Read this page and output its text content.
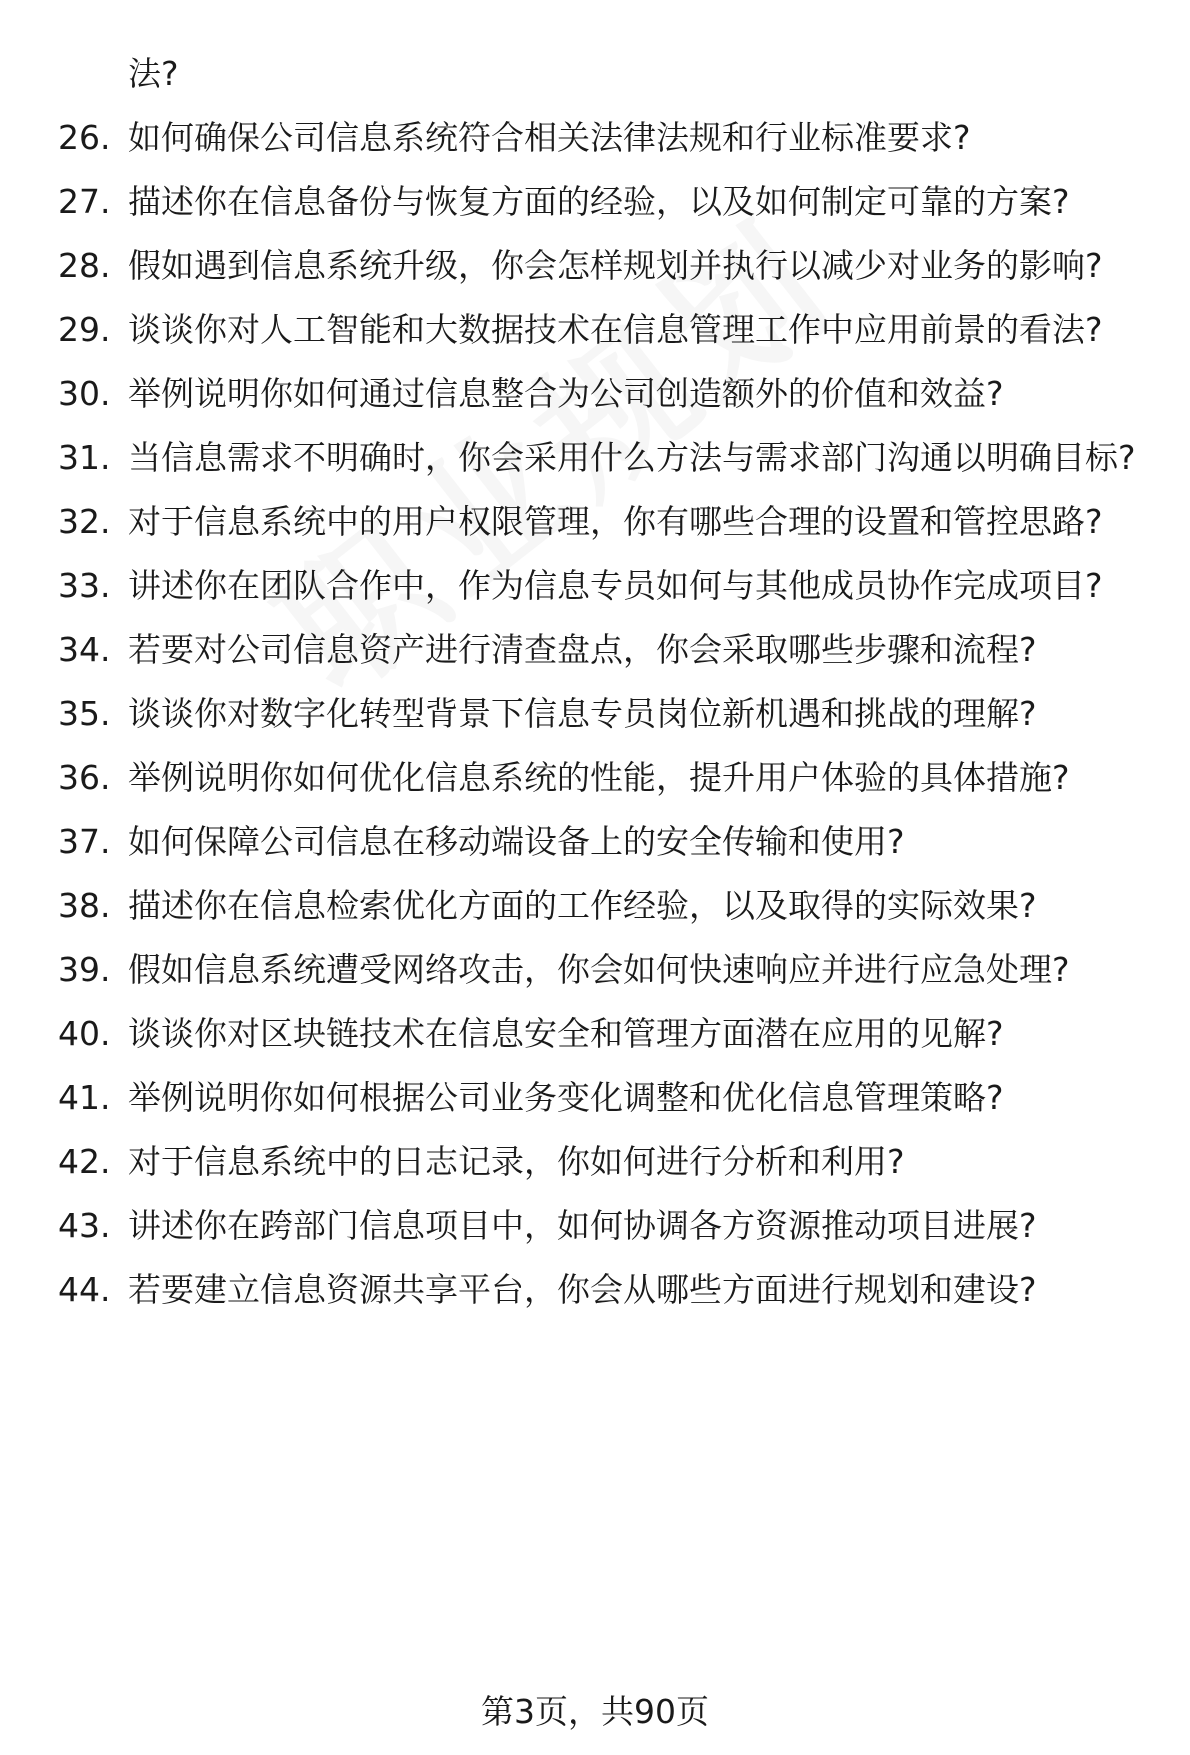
法?
26. 如何确保公司信息系统符合相关法律法规和行业标准要求?
27. 描述你在信息备份与恢复方面的经验，以及如何制定可靠的方案?
28. 假如遇到信息系统升级，你会怎样规划并执行以减少对业务的影响?
29. 谈谈你对人工智能和大数据技术在信息管理工作中应用前景的看法?
30. 举例说明你如何通过信息整合为公司创造额外的价值和效益?
31. 当信息需求不明确时，你会采用什么方法与需求部门沟通以明确目标?
32. 对于信息系统中的用户权限管理，你有哪些合理的设置和管控思路?
33. 讲述你在团队合作中，作为信息专员如何与其他成员协作完成项目?
34. 若要对公司信息资产进行清查盘点，你会采取哪些步骤和流程?
35. 谈谈你对数字化转型背景下信息专员岗位新机遇和挑战的理解?
36. 举例说明你如何优化信息系统的性能，提升用户体验的具体措施?
37. 如何保障公司信息在移动端设备上的安全传输和使用?
38. 描述你在信息检索优化方面的工作经验，以及取得的实际效果?
39. 假如信息系统遭受网络攻击，你会如何快速响应并进行应急处理?
40. 谈谈你对区块链技术在信息安全和管理方面潜在应用的见解?
41. 举例说明你如何根据公司业务变化调整和优化信息管理策略?
42. 对于信息系统中的日志记录，你如何进行分析和利用?
43. 讲述你在跨部门信息项目中，如何协调各方资源推动项目进展?
44. 若要建立信息资源共享平台，你会从哪些方面进行规划和建设?
第3页，共90页
